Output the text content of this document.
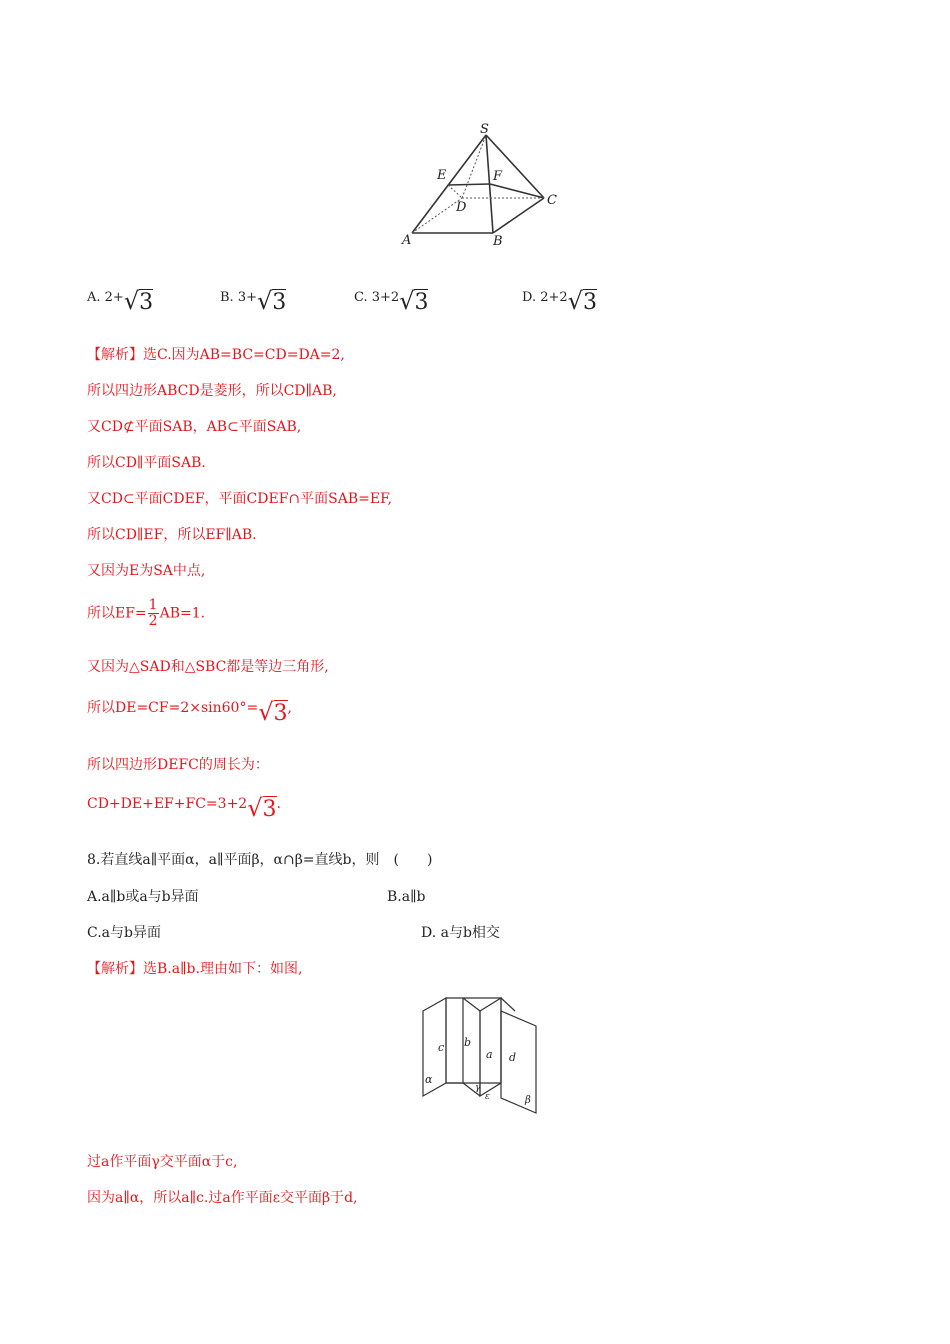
S
E	F
D	C
A	B
A. 2+√3	B. 3+√3	C. 3+2√3	D. 2+2√3
【解析】选C.因为AB=BC=CD=DA=2,
所以四边形ABCD是菱形，所以CD∥AB,
又CD⊄平面SAB，AB⊂平面SAB,
所以CD∥平面SAB.
又CD⊂平面CDEF，平面CDEF∩平面SAB=EF,
所以CD∥EF，所以EF∥AB.
又因为E为SA中点,
所以$EF= \frac{1}{2} AB=1$.
又因为△SAD和△SBC都是等边三角形,
所以DE=CF=2×sin60°=√3,
所以四边形DEFC的周长为：
CD+DE+EF+FC=3+2√3.
8.若直线a∥平面α，a∥平面β，α∩β=直线b，则　(　　)
A.a∥b或a与b异面	B.a∥b
C.a与b异面	D. a与b相交
【解析】选B.a∥b.理由如下：如图,
c b
a d
α
γ
ε	β
过a作平面γ交平面α于c,
因为a∥α，所以a∥c.过a作平面ε交平面β于d,
